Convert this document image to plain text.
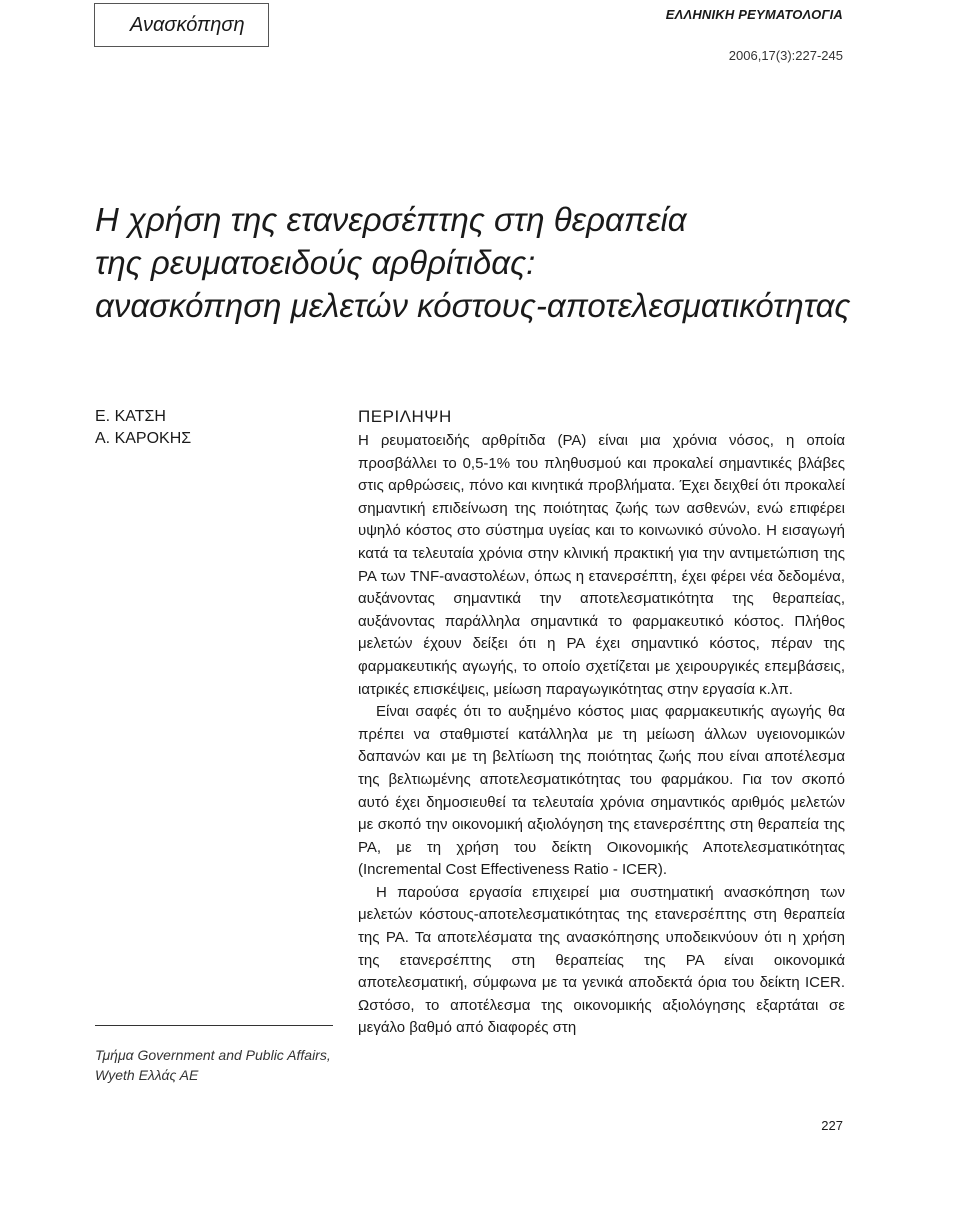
Ανασκόπηση	ΕΛΛΗΝΙΚΗ ΡΕΥΜΑΤΟΛΟΓΙΑ
2006,17(3):227-245
Η χρήση της ετανερσέπτης στη θεραπεία
της ρευματοειδούς αρθρίτιδας:
ανασκόπηση μελετών κόστους-αποτελεσματικότητας
Ε. ΚΑΤΣΗ
Α. ΚΑΡΟΚΗΣ
Τμήμα Government and Public Affairs,
Wyeth Ελλάς ΑΕ
ΠΕΡΙΛΗΨΗ

Η ρευματοειδής αρθρίτιδα (ΡΑ) είναι μια χρόνια νόσος, η οποία προσβάλλει το 0,5-1% του πληθυσμού και προκαλεί σημαντικές βλάβες στις αρθρώσεις, πόνο και κινητικά προβλήματα. Έχει δειχθεί ότι προκαλεί σημαντική επιδείνωση της ποιότητας ζωής των ασθενών, ενώ επιφέρει υψηλό κόστος στο σύστημα υγείας και το κοινωνικό σύνολο. Η εισαγωγή κατά τα τελευταία χρόνια στην κλινική πρακτική για την αντιμετώπιση της ΡΑ των TNF-αναστολέων, όπως η ετανερσέπτη, έχει φέρει νέα δεδομένα, αυξάνοντας σημαντικά την αποτελεσματικότητα της θεραπείας, αυξάνοντας παράλληλα σημαντικά το φαρμακευτικό κόστος. Πλήθος μελετών έχουν δείξει ότι η ΡΑ έχει σημαντικό κόστος, πέραν της φαρμακευτικής αγωγής, το οποίο σχετίζεται με χειρουργικές επεμβάσεις, ιατρικές επισκέψεις, μείωση παραγωγικότητας στην εργασία κ.λπ.

Είναι σαφές ότι το αυξημένο κόστος μιας φαρμακευτικής αγωγής θα πρέπει να σταθμιστεί κατάλληλα με τη μείωση άλλων υγειονομικών δαπανών και με τη βελτίωση της ποιότητας ζωής που είναι αποτέλεσμα της βελτιωμένης αποτελεσματικότητας του φαρμάκου. Για τον σκοπό αυτό έχει δημοσιευθεί τα τελευταία χρόνια σημαντικός αριθμός μελετών με σκοπό την οικονομική αξιολόγηση της ετανερσέπτης στη θεραπεία της ΡΑ, με τη χρήση του δείκτη Οικονομικής Αποτελεσματικότητας (Incremental Cost Effectiveness Ratio - ICER).

Η παρούσα εργασία επιχειρεί μια συστηματική ανασκόπηση των μελετών κόστους-αποτελεσματικότητας της ετανερσέπτης στη θεραπεία της ΡΑ. Τα αποτελέσματα της ανασκόπησης υποδεικνύουν ότι η χρήση της ετανερσέπτης στη θεραπείας της ΡΑ είναι οικονομικά αποτελεσματική, σύμφωνα με τα γενικά αποδεκτά όρια του δείκτη ICER. Ωστόσο, το αποτέλεσμα της οικονομικής αξιολόγησης εξαρτάται σε μεγάλο βαθμό από διαφορές στη

227
